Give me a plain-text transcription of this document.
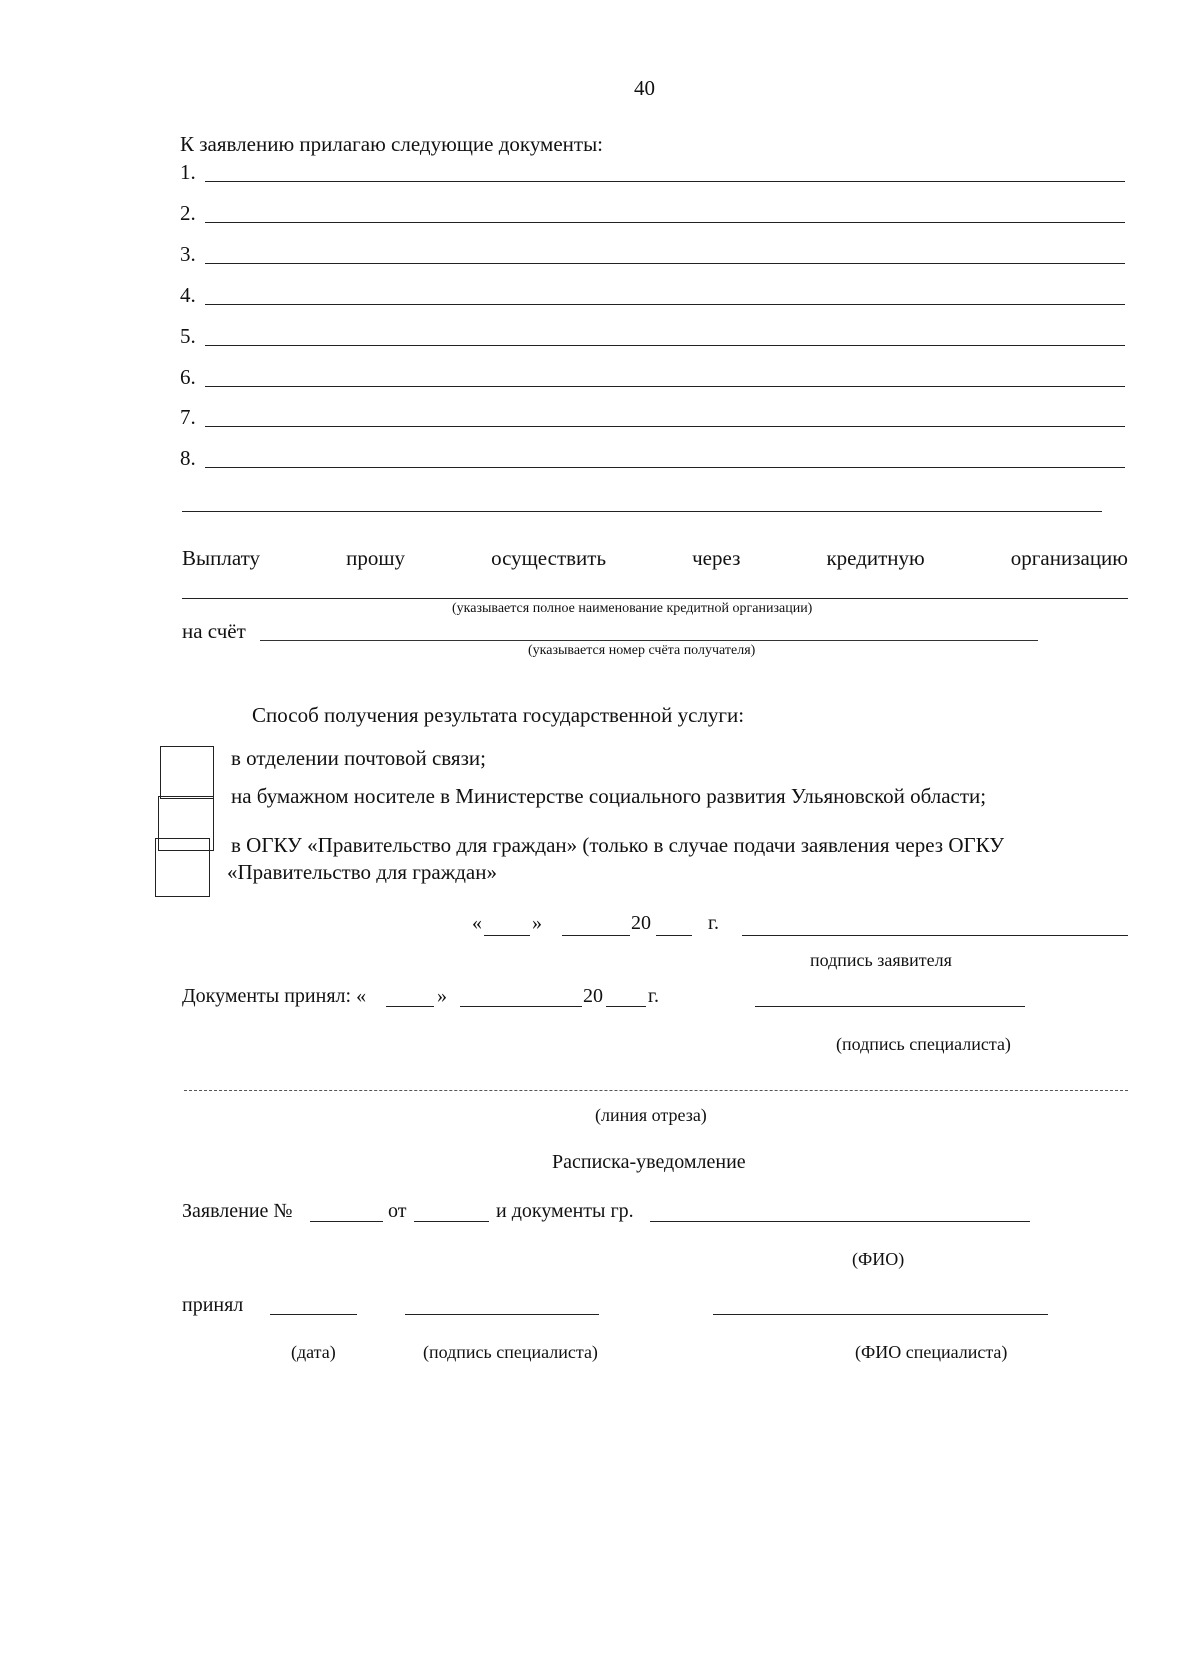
40
К заявлению прилагаю следующие документы:
1.
2.
3.
4.
5.
6.
7.
8.
Выплату	прошу	осуществить	через	кредитную	организацию
(указывается полное наименование кредитной организации)
на счёт
(указывается номер счёта получателя)
Способ получения результата государственной услуги:
в отделении почтовой связи;
на бумажном носителе в Министерстве социального развития Ульяновской области;
в ОГКУ «Правительство для граждан» (только в случае подачи заявления через ОГКУ
«Правительство для граждан»
«	»	20	г.
подпись заявителя
Документы принял: «	»	20 г.
(подпись специалиста)
(линия отреза)
Расписка-уведомление
Заявление №	от	и документы гр.
(ФИО)
принял
(дата)	(подпись специалиста)	(ФИО специалиста)
